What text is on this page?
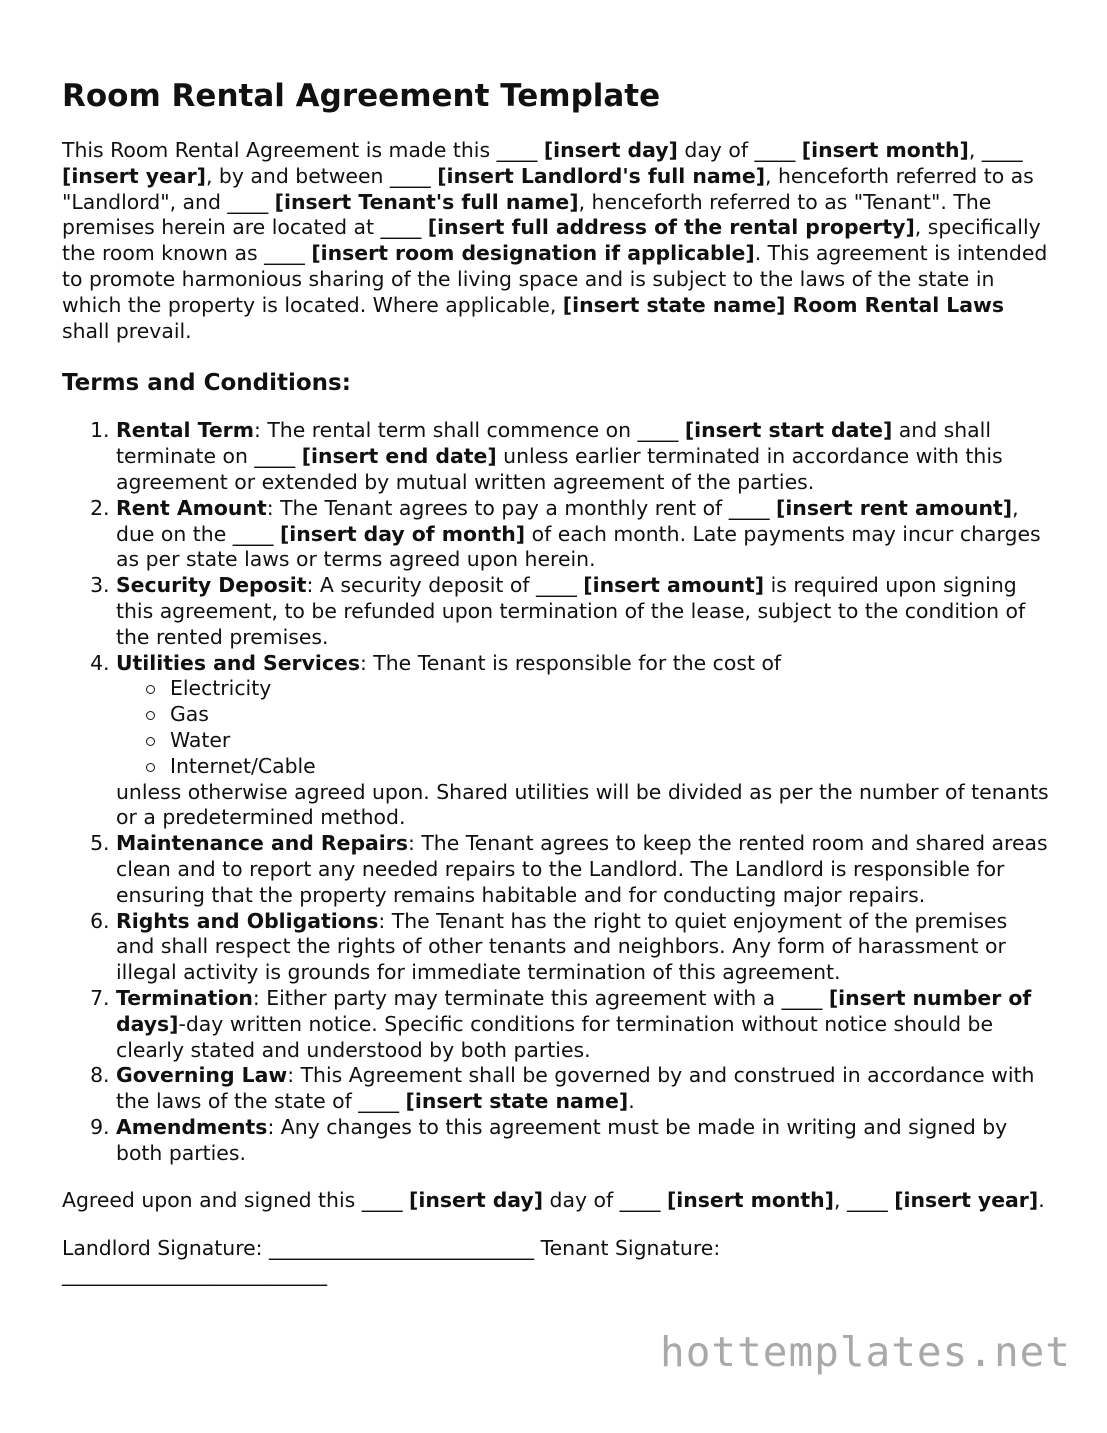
Room Rental Agreement Template

This Room Rental Agreement is made this ____ [insert day] day of ____ [insert month], ____ [insert year], by and between ____ [insert Landlord's full name], henceforth referred to as "Landlord", and ____ [insert Tenant's full name], henceforth referred to as "Tenant". The premises herein are located at ____ [insert full address of the rental property], specifically the room known as ____ [insert room designation if applicable]. This agreement is intended to promote harmonious sharing of the living space and is subject to the laws of the state in which the property is located. Where applicable, [insert state name] Room Rental Laws shall prevail.

Terms and Conditions:
1. Rental Term: The rental term shall commence on ____ [insert start date] and shall terminate on ____ [insert end date] unless earlier terminated in accordance with this agreement or extended by mutual written agreement of the parties.
2. Rent Amount: The Tenant agrees to pay a monthly rent of ____ [insert rent amount], due on the ____ [insert day of month] of each month. Late payments may incur charges as per state laws or terms agreed upon herein.
3. Security Deposit: A security deposit of ____ [insert amount] is required upon signing this agreement, to be refunded upon termination of the lease, subject to the condition of the rented premises.
4. Utilities and Services: The Tenant is responsible for the cost of
Electricity
Gas
Water
Internet/Cable
unless otherwise agreed upon. Shared utilities will be divided as per the number of tenants or a predetermined method.
5. Maintenance and Repairs: The Tenant agrees to keep the rented room and shared areas clean and to report any needed repairs to the Landlord. The Landlord is responsible for ensuring that the property remains habitable and for conducting major repairs.
6. Rights and Obligations: The Tenant has the right to quiet enjoyment of the premises and shall respect the rights of other tenants and neighbors. Any form of harassment or illegal activity is grounds for immediate termination of this agreement.
7. Termination: Either party may terminate this agreement with a ____ [insert number of days]-day written notice. Specific conditions for termination without notice should be clearly stated and understood by both parties.
8. Governing Law: This Agreement shall be governed by and construed in accordance with the laws of the state of ____ [insert state name].
9. Amendments: Any changes to this agreement must be made in writing and signed by both parties.

Agreed upon and signed this ____ [insert day] day of ____ [insert month], ____ [insert year].

Landlord Signature: __________________________ Tenant Signature:
__________________________

hottemplates.net
